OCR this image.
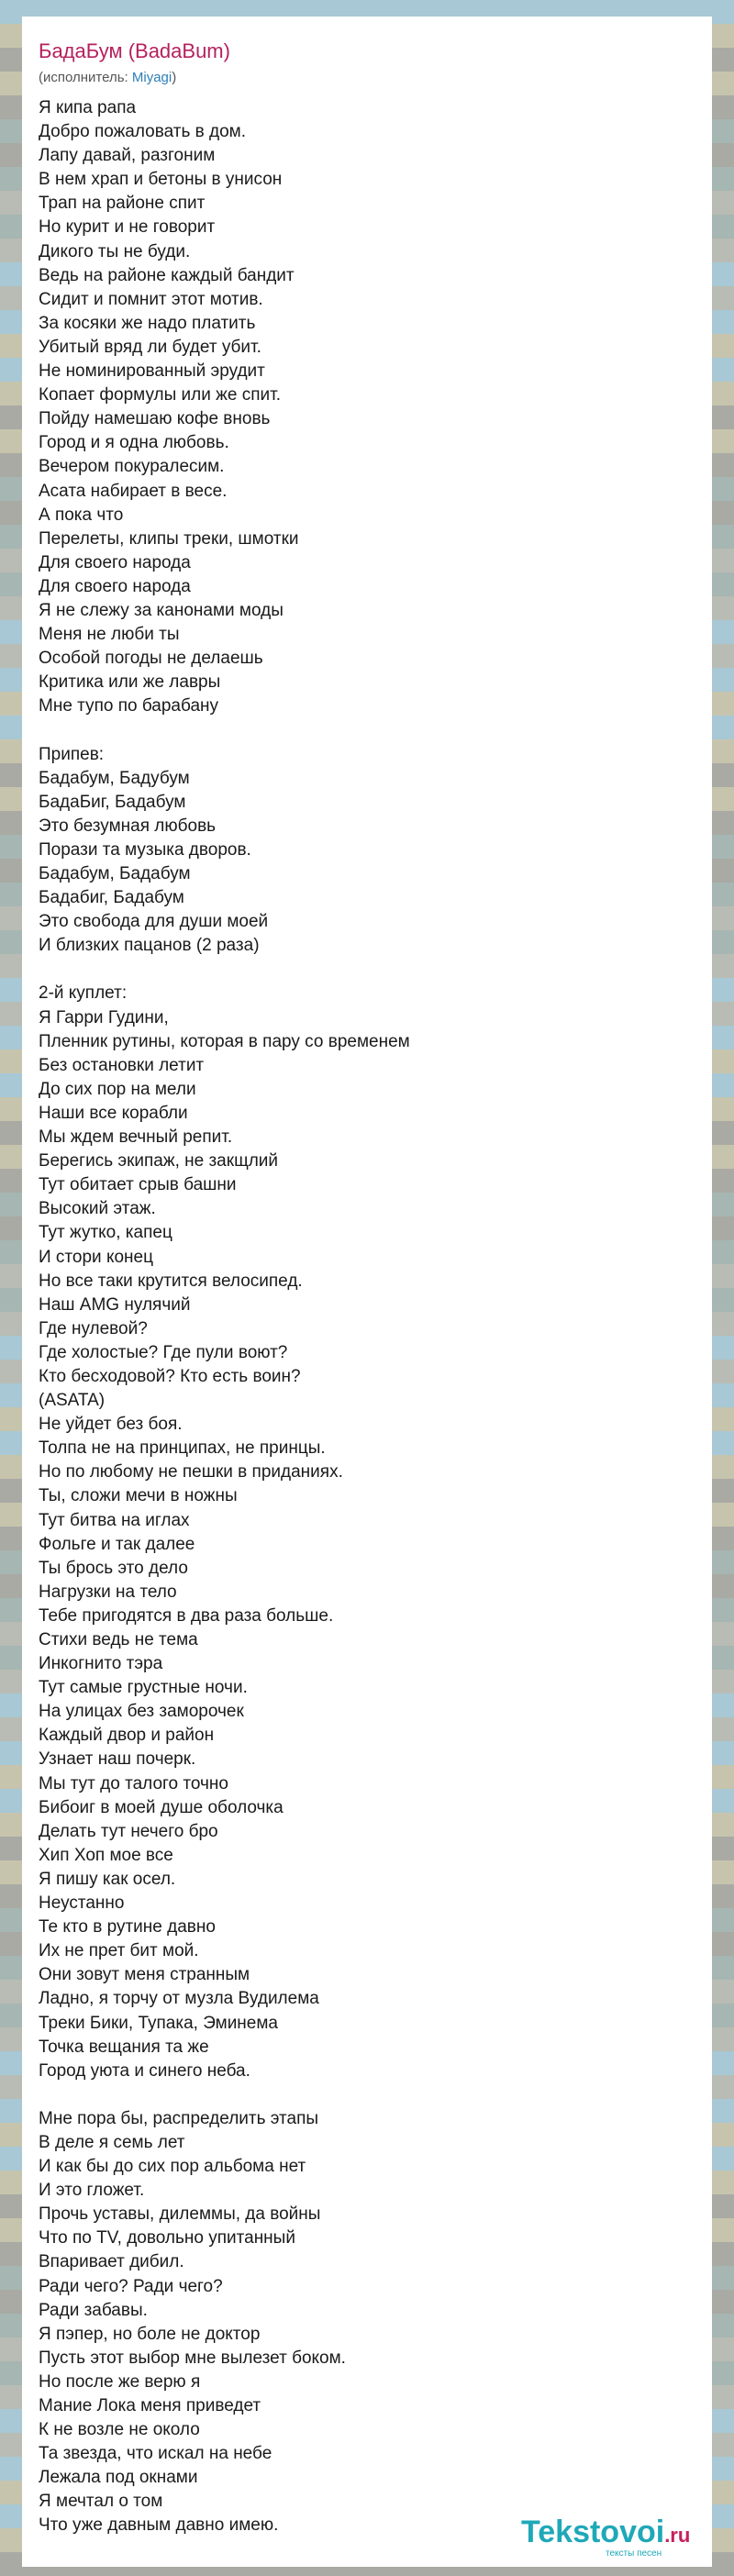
БадаБум (BadaBum)
(исполнитель: Miyagi)
Я кипа рапа
Добро пожаловать в дом.
Лапу давай, разгоним
В нем храп и бетоны в унисон
Трап на районе спит
Но курит и не говорит
Дикого ты не буди.
Ведь на районе каждый бандит
Сидит и помнит этот мотив.
За косяки же надо платить
Убитый вряд ли будет убит.
Не номинированный эрудит
Копает формулы или же спит.
Пойду намешаю кофе вновь
Город и я одна любовь.
Вечером покуралесим.
Асата набирает в весе.
А пока что
Перелеты, клипы треки, шмотки
Для своего народа
Для своего народа
Я не слежу за канонами моды
Меня не люби ты
Особой погоды не делаешь
Критика или же лавры
Мне тупо по барабану
Припев:
Бадабум, Бадубум
БадаБиг, Бадабум
Это безумная любовь
Порази та музыка дворов.
Бадабум, Бадабум
Бадабиг, Бадабум
Это свобода для души моей
И близких пацанов (2 раза)
2-й куплет:
Я Гарри Гудини,
Пленник рутины, которая в пару со временем
Без остановки летит
До сих пор на мели
Наши все корабли
Мы ждем вечный репит.
Берегись экипаж, не закщлий
Тут обитает срыв башни
Высокий этаж.
Тут жутко, капец
И стори конец
Но все таки крутится велосипед.
Наш AMG нулячий
Где нулевой?
Где холостые? Где пули воют?
Кто бесходовой? Кто есть воин?
(ASATA)
Не уйдет без боя.
Толпа не на принципах, не принцы.
Но по любому не пешки в приданиях.
Ты, сложи мечи в ножны
Тут битва на иглах
Фольге и так далее
Ты брось это дело
Нагрузки на тело
Тебе пригодятся в два раза больше.
Стихи ведь не тема
Инкогнито тэра
Тут самые грустные ночи.
На улицах без заморочек
Каждый двор и район
Узнает наш почерк.
Мы тут до талого точно
Бибоиг в моей душе оболочка
Делать тут нечего бро
Хип Хоп мое все
Я пишу как осел.
Неустанно
Те кто в рутине давно
Их не прет бит мой.
Они зовут меня странным
Ладно, я торчу от музла Вудилема
Треки Бики, Тупака, Эминема
Точка вещания та же
Город уюта и синего неба.
Мне пора бы, распределить этапы
В деле я семь лет
И как бы до сих пор альбома нет
И это гложет.
Прочь уставы, дилеммы, да войны
Что по TV, довольно упитанный
Впаривает дибил.
Ради чего? Ради чего?
Ради забавы.
Я пэпер, но боле не доктор
Пусть этот выбор мне вылезет боком.
Но после же верю я
Мание Лока меня приведет
К не возле не около
Та звезда, что искал на небе
Лежала под окнами
Я мечтал о том
Что уже давным давно имею.	Tekstovoi.ru
тексты песен
